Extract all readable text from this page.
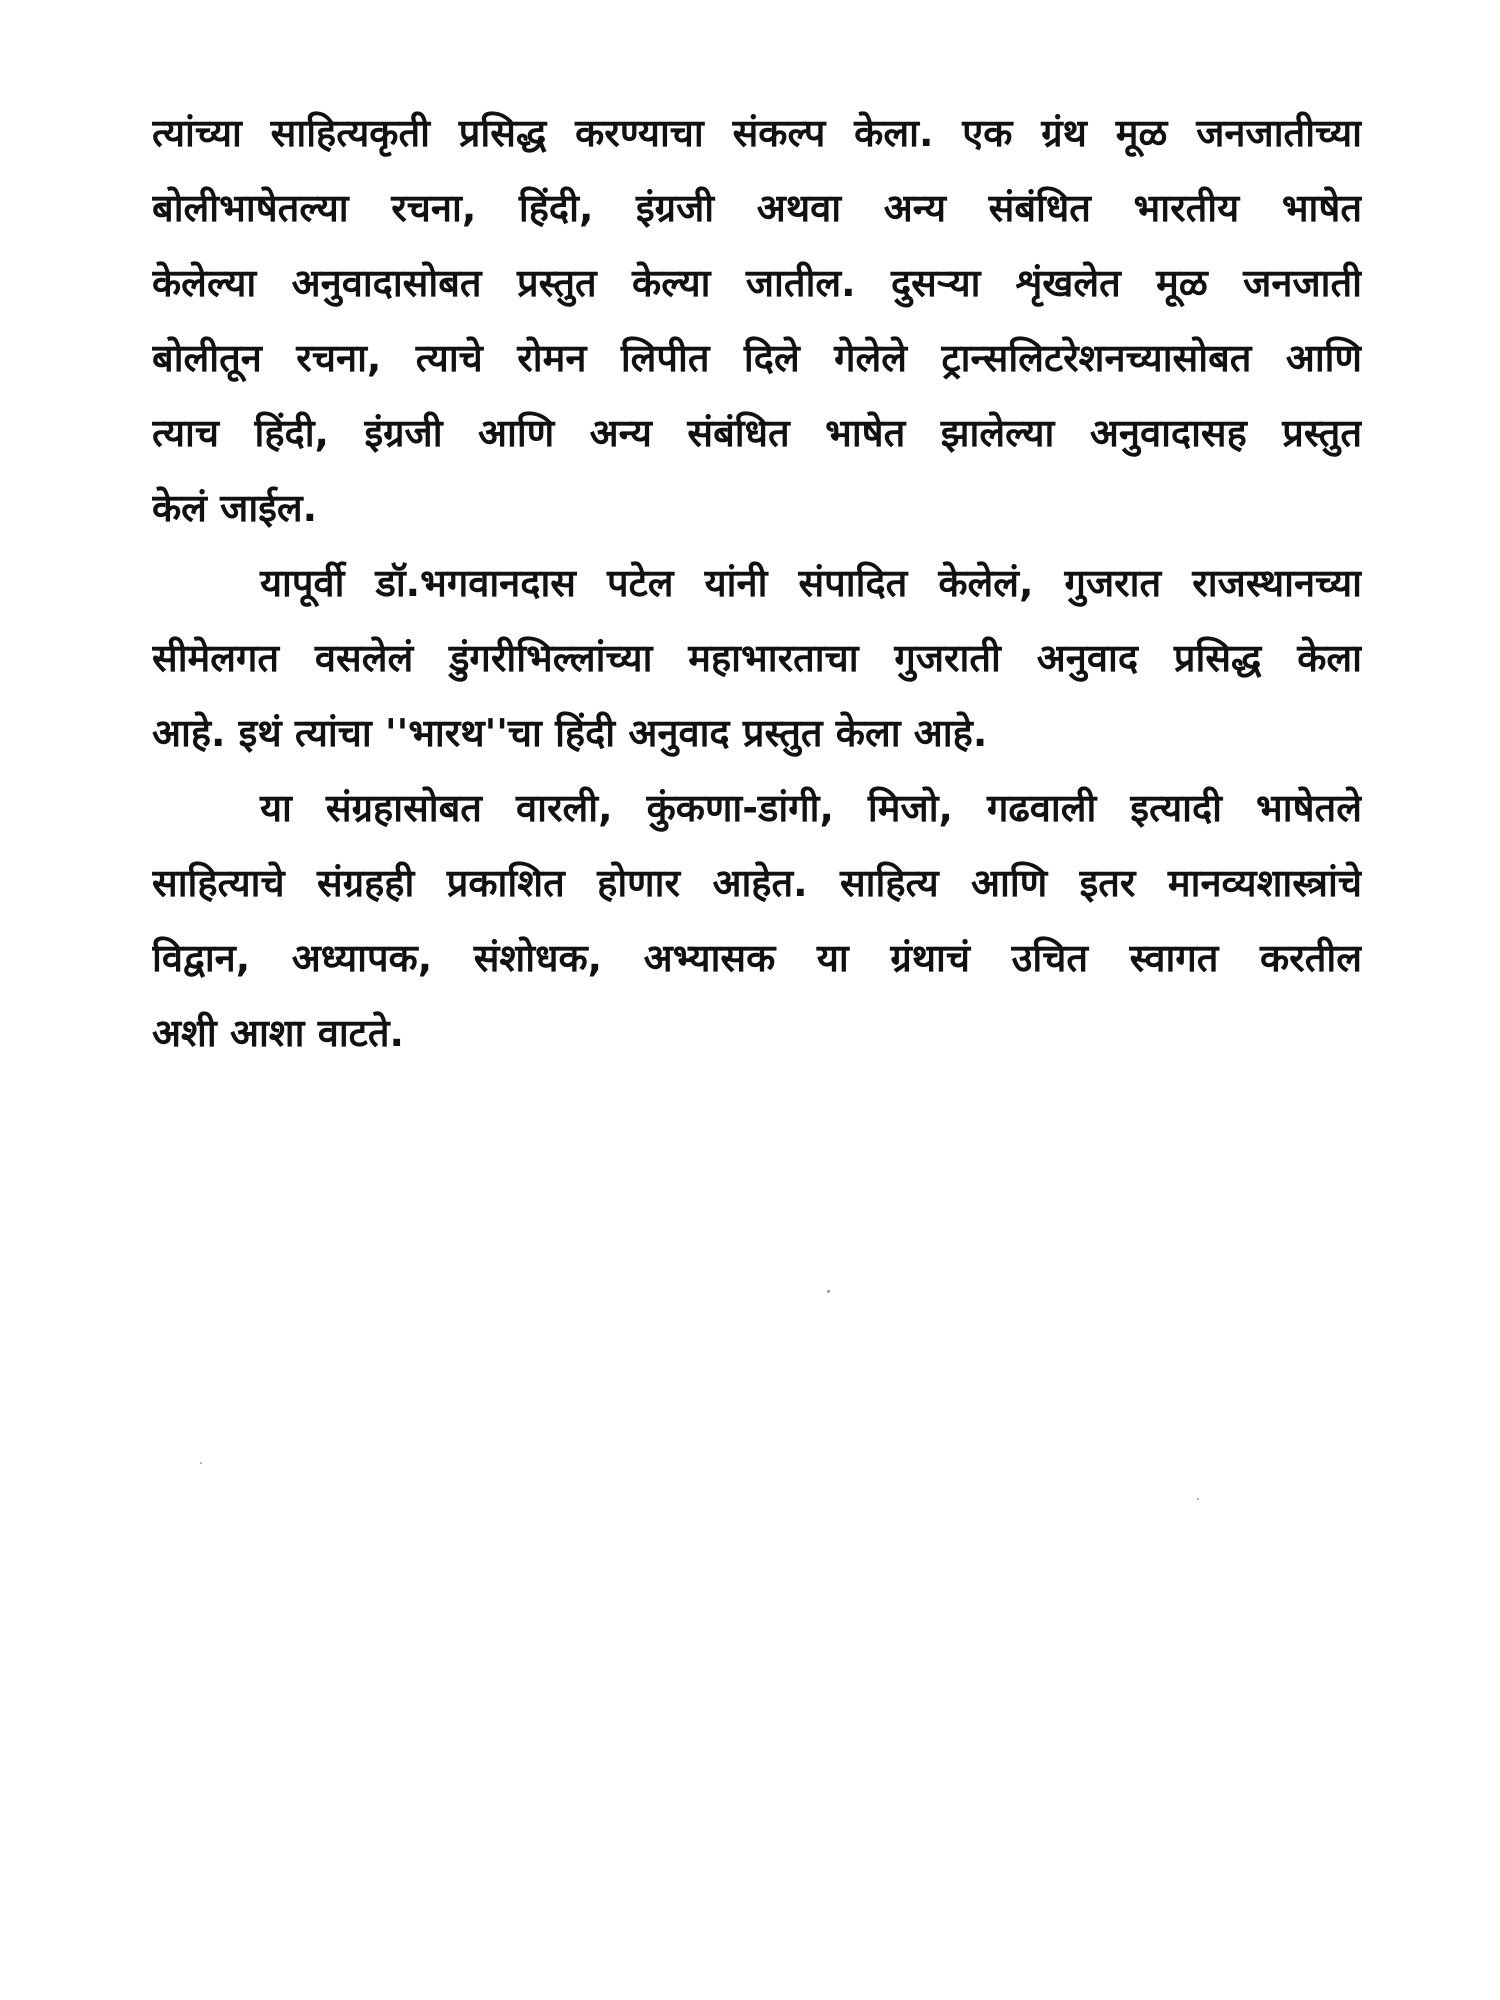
त्यांच्या साहित्यकृती प्रसिद्ध करण्याचा संकल्प केला. एक ग्रंथ मूळ जनजातीच्या
बोलीभाषेतल्या रचना, हिंदी, इंग्रजी अथवा अन्य संबंधित भारतीय भाषेत
केलेल्या अनुवादासोबत प्रस्तुत केल्या जातील. दुसऱ्या शृंखलेत मूळ जनजाती
बोलीतून रचना, त्याचे रोमन लिपीत दिले गेलेले ट्रान्सलिटरेशनच्यासोबत आणि
त्याच हिंदी, इंग्रजी आणि अन्य संबंधित भाषेत झालेल्या अनुवादासह प्रस्तुत
केलं जाईल.

यापूर्वी डॉ.भगवानदास पटेल यांनी संपादित केलेलं, गुजरात राजस्थानच्या
सीमेलगत वसलेलं डुंगरीभिल्लांच्या महाभारताचा गुजराती अनुवाद प्रसिद्ध केला
आहे. इथं त्यांचा ''भारथ''चा हिंदी अनुवाद प्रस्तुत केला आहे.

या संग्रहासोबत वारली, कुंकणा-डांगी, मिजो, गढवाली इत्यादी भाषेतले
साहित्याचे संग्रहही प्रकाशित होणार आहेत. साहित्य आणि इतर मानव्यशास्त्रांचे
विद्वान, अध्यापक, संशोधक, अभ्यासक या ग्रंथाचं उचित स्वागत करतील
अशी आशा वाटते.
